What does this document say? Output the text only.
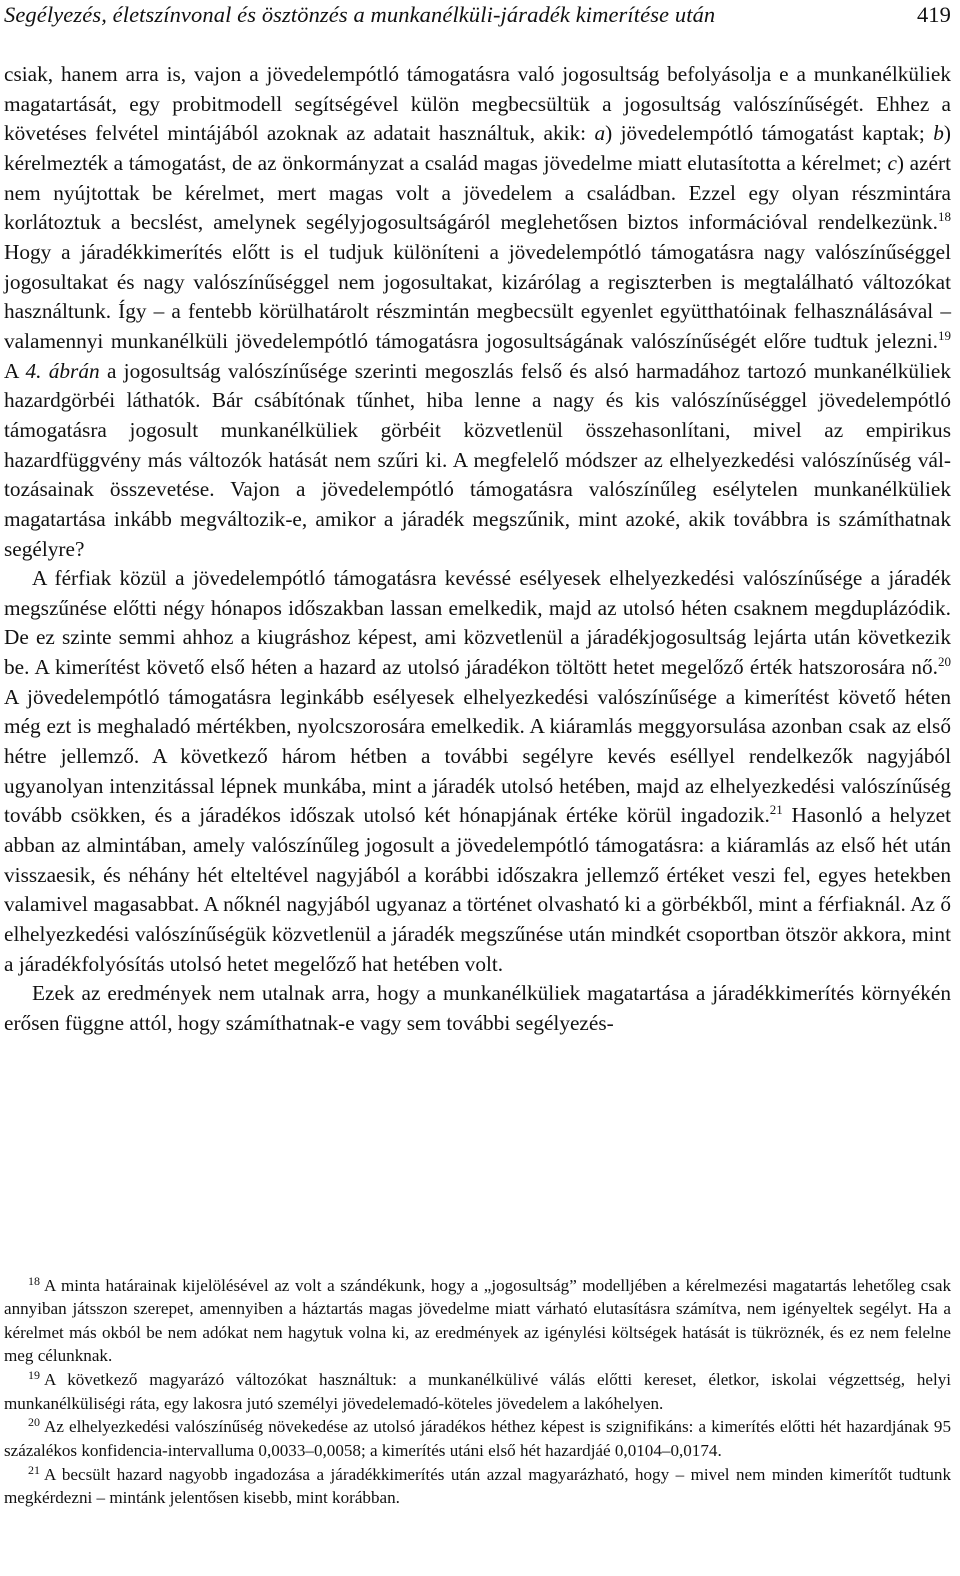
Segélyezés, életszínvonal és ösztönzés a munkanélküli-járadék kimerítése után	419

csiak, hanem arra is, vajon a jövedelempótló támogatásra való jogosultság befolyásolja e a munkanélküliek magatartását, egy probitmodell segítségével külön megbecsültük a jogosultság valószínűségét. Ehhez a követéses felvétel mintájából azoknak az adatait használtuk, akik: a) jövedelempótló támogatást kaptak; b) kérelmezték a támogatást, de az önkormányzat a család magas jövedelme miatt elutasította a kérelmet; c) azért nem nyújtottak be kérelmet, mert magas volt a jövedelem a családban. Ezzel egy olyan részmintára korlátoztuk a becslést, amelynek segélyjogosultságáról meglehetősen biztos információval rendelkezünk.$^{18}$ Hogy a járadékkimerítés előtt is el tudjuk különíteni a jövedelempótló támogatásra nagy valószínűséggel jogosultakat és nagy valószínűséggel nem jogosultakat, kizárólag a regiszterben is megtalálható változókat használtunk. Így – a fentebb körülhatárolt részmintán megbecsült egyenlet együtthatóinak felhasználásával – valamennyi munkanélküli jövedelempótló támogatásra jogosultságának valószínűségét előre tudtuk jelezni.$^{19}$ A 4. ábrán a jogosultság valószínűsége szerinti megoszlás felső és alsó harmadához tartozó munkanélküliek hazardgörbéi láthatók. Bár csábítónak tűnhet, hiba lenne a nagy és kis valószínűséggel jövedelempótló támogatásra jogosult munkanélküliek görbéit közvetlenül összehasonlítani, mivel az empirikus hazardfüggvény más változók hatását nem szűri ki. A megfelelő módszer az elhelyezkedési valószínűség változásainak összevetése. Vajon a jövedelempótló támogatásra valószínűleg esélytelen munkanélküliek magatartása inkább megváltozik-e, amikor a járadék megszűnik, mint azoké, akik továbbra is számíthatnak segélyre?

A férfiak közül a jövedelempótló támogatásra kevéssé esélyesek elhelyezkedési valószínűsége a járadék megszűnése előtti négy hónapos időszakban lassan emelkedik, majd az utolsó héten csaknem megduplázódik. De ez szinte semmi ahhoz a kiugráshoz képest, ami közvetlenül a járadékjogosultság lejárta után következik be. A kimerítést követő első héten a hazard az utolsó járadékon töltött hetet megelőző érték hatszorosára nő.$^{20}$ A jövedelempótló támogatásra leginkább esélyesek elhelyezkedési valószínűsége a kimerítést követő héten még ezt is meghaladó mértékben, nyolcszorosára emelkedik. A kiáramlás meggyorsulása azonban csak az első hétre jellemző. A következő három hétben a további segélyre kevés eséllyel rendelkezők nagyjából ugyanolyan intenzitással lépnek munkába, mint a járadék utolsó hetében, majd az elhelyezkedési valószínűség tovább csökken, és a járadékos időszak utolsó két hónapjának értéke körül ingadozik.$^{21}$ Hasonló a helyzet abban az almintában, amely valószínűleg jogosult a jövedelempótló támogatásra: a kiáramlás az első hét után visszaesik, és néhány hét elteltével nagyjából a korábbi időszakra jellemző értéket veszi fel, egyes hetekben valamivel magasabbat. A nőknél nagyjából ugyanaz a történet olvasható ki a görbékből, mint a férfiaknál. Az ő elhelyezkedési valószínűségük közvetlenül a járadék megszűnése után mindkét csoportban ötször akkora, mint a járadékfolyósítás utolsó hetet megelőző hat hetében volt.

Ezek az eredmények nem utalnak arra, hogy a munkanélküliek magatartása a járadékkimerítés környékén erősen függne attól, hogy számíthatnak-e vagy sem további segélyezés-

18 A minta határainak kijelölésével az volt a szándékunk, hogy a „jogosultság” modelljében a kérelmezési magatartás lehetőleg csak annyiban játsszon szerepet, amennyiben a háztartás magas jövedelme miatt várható elutasításra számítva, nem igényeltek segélyt. Ha a kérelmet más okból be nem adókat nem hagytuk volna ki, az eredmények az igénylési költségek hatását is tükröznék, és ez nem felelne meg célunknak.

19 A következő magyarázó változókat használtuk: a munkanélkülivé válás előtti kereset, életkor, iskolai végzettség, helyi munkanélküliségi ráta, egy lakosra jutó személyi jövedelemadó-köteles jövedelem a lakóhelyen.

20 Az elhelyezkedési valószínűség növekedése az utolsó járadékos héthez képest is szignifikáns: a kimerítés előtti hét hazardjának 95 százalékos konfidencia-intervalluma 0,0033–0,0058; a kimerítés utáni első hét hazardjáé 0,0104–0,0174.

21 A becsült hazard nagyobb ingadozása a járadékkimerítés után azzal magyarázható, hogy – mivel nem minden kimerítőt tudtunk megkérdezni – mintánk jelentősen kisebb, mint korábban.
